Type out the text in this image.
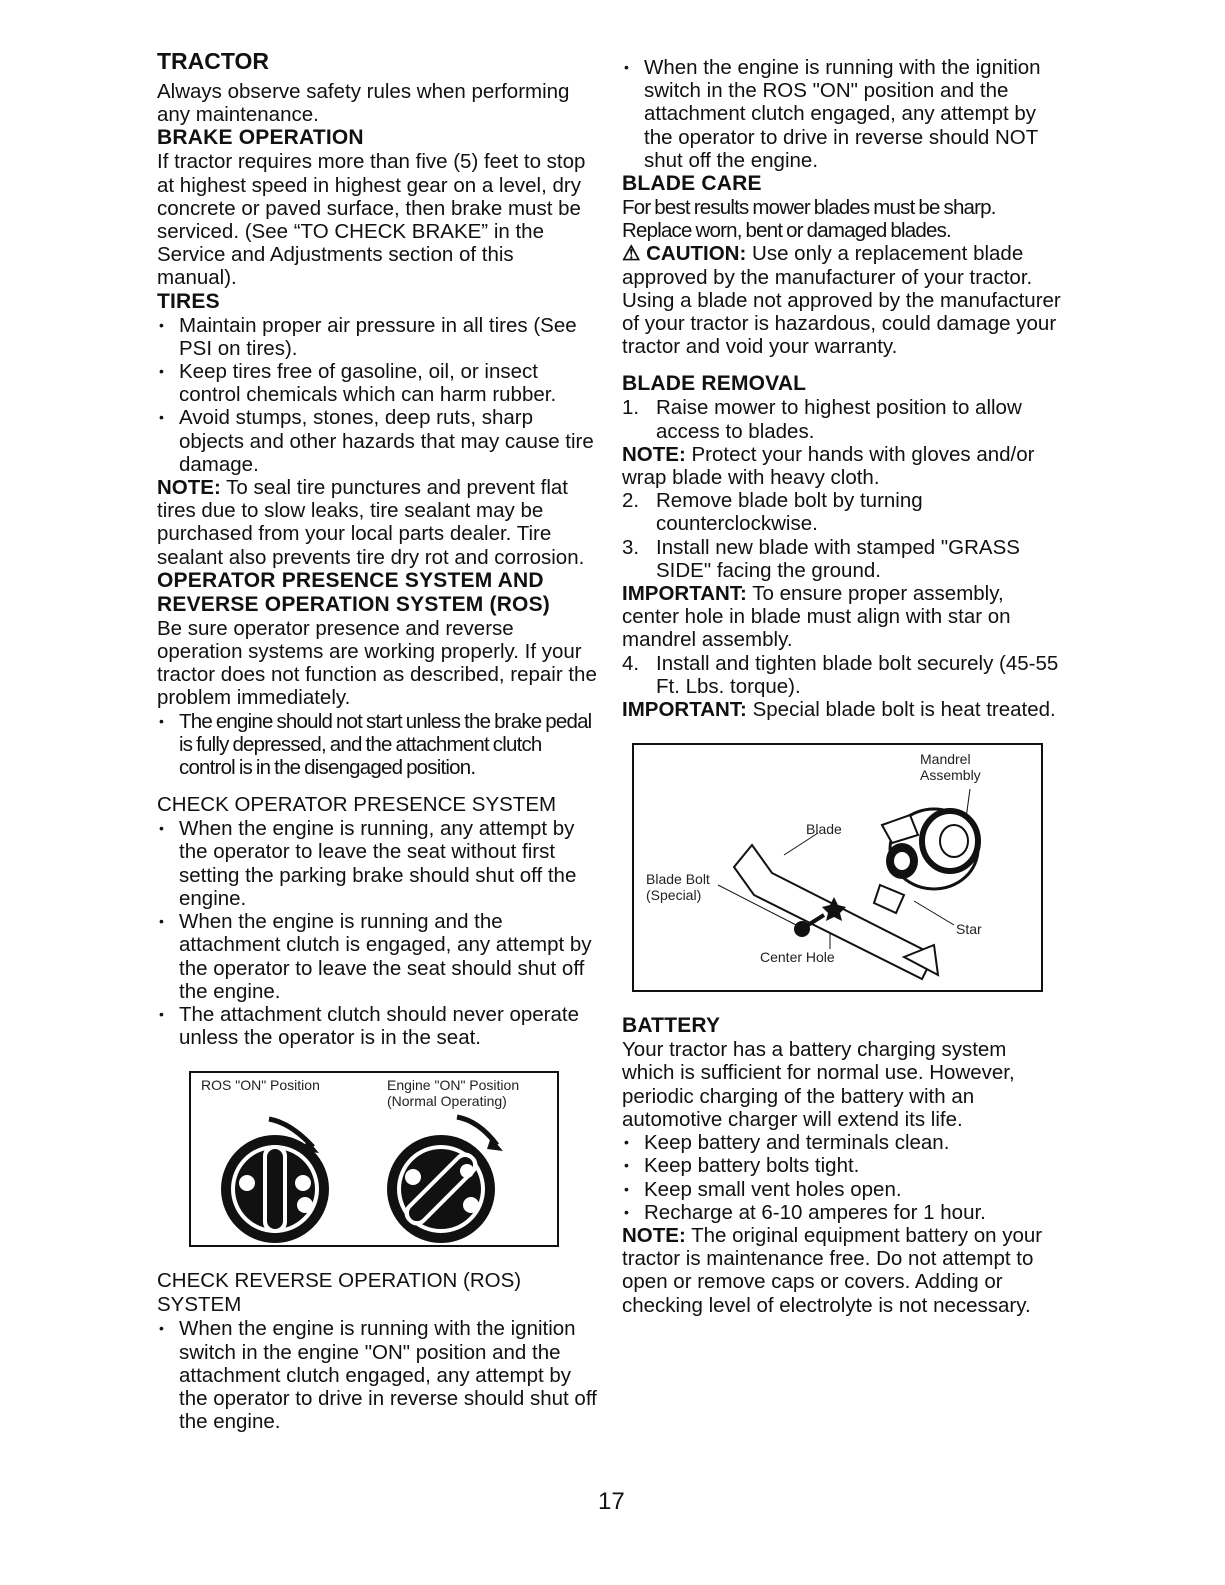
TRACTOR

Always observe safety rules when performing any maintenance.

BRAKE OPERATION

If tractor requires more than five (5) feet to stop at highest speed in highest gear on a level, dry concrete or paved surface, then brake must be serviced. (See “TO CHECK BRAKE” in the Service and Adjustments section of this manual).

TIRES

• Maintain proper air pressure in all tires (See PSI on tires).
• Keep tires free of gasoline, oil, or insect control chemicals which can harm rubber.
• Avoid stumps, stones, deep ruts, sharp objects and other hazards that may cause tire damage.

NOTE: To seal tire punctures and prevent flat tires due to slow leaks, tire sealant may be purchased from your local parts dealer. Tire sealant also prevents tire dry rot and corrosion.

OPERATOR PRESENCE SYSTEM AND REVERSE OPERATION SYSTEM (ROS)

Be sure operator presence and reverse operation systems are working properly. If your tractor does not function as described, repair the problem immediately.

• The engine should not start unless the brake pedal is fully depressed, and the attachment clutch control is in the disengaged position.

CHECK OPERATOR PRESENCE SYSTEM

• When the engine is running, any attempt by the operator to leave the seat without first setting the parking brake should shut off the engine.
• When the engine is running and the attachment clutch is engaged, any attempt by the operator to leave the seat should shut off the engine.
• The attachment clutch should never operate unless the operator is in the seat.
ROS "ON" Position	Engine "ON" Position
(Normal Operating)

CHECK REVERSE OPERATION (ROS) SYSTEM

• When the engine is running with the ignition switch in the engine "ON" position and the attachment clutch engaged, any attempt by the operator to drive in reverse should shut off the engine.
• When the engine is running with the ignition switch in the ROS "ON" position and the attachment clutch engaged, any attempt by the operator to drive in reverse should NOT shut off the engine.

BLADE CARE

For best results mower blades must be sharp. Replace worn, bent or damaged blades.

⚠ CAUTION: Use only a replacement blade approved by the manufacturer of your tractor. Using a blade not approved by the manufacturer of your tractor is hazardous, could damage your tractor and void your warranty.

BLADE REMOVAL

1. Raise mower to highest position to allow access to blades.

NOTE: Protect your hands with gloves and/or wrap blade with heavy cloth.

2. Remove blade bolt by turning counterclockwise.
3. Install new blade with stamped "GRASS SIDE" facing the ground.

IMPORTANT: To ensure proper assembly, center hole in blade must align with star on mandrel assembly.

4. Install and tighten blade bolt securely (45-55 Ft. Lbs. torque).

IMPORTANT: Special blade bolt is heat treated.

Mandrel
Assembly
Blade
Blade Bolt
(Special)
Star
Center Hole

BATTERY

Your tractor has a battery charging system which is sufficient for normal use. However, periodic charging of the battery with an automotive charger will extend its life.

• Keep battery and terminals clean.
• Keep battery bolts tight.
• Keep small vent holes open.
• Recharge at 6-10 amperes for 1 hour.

NOTE: The original equipment battery on your tractor is maintenance free. Do not attempt to open or remove caps or covers. Adding or checking level of electrolyte is not necessary.

17
